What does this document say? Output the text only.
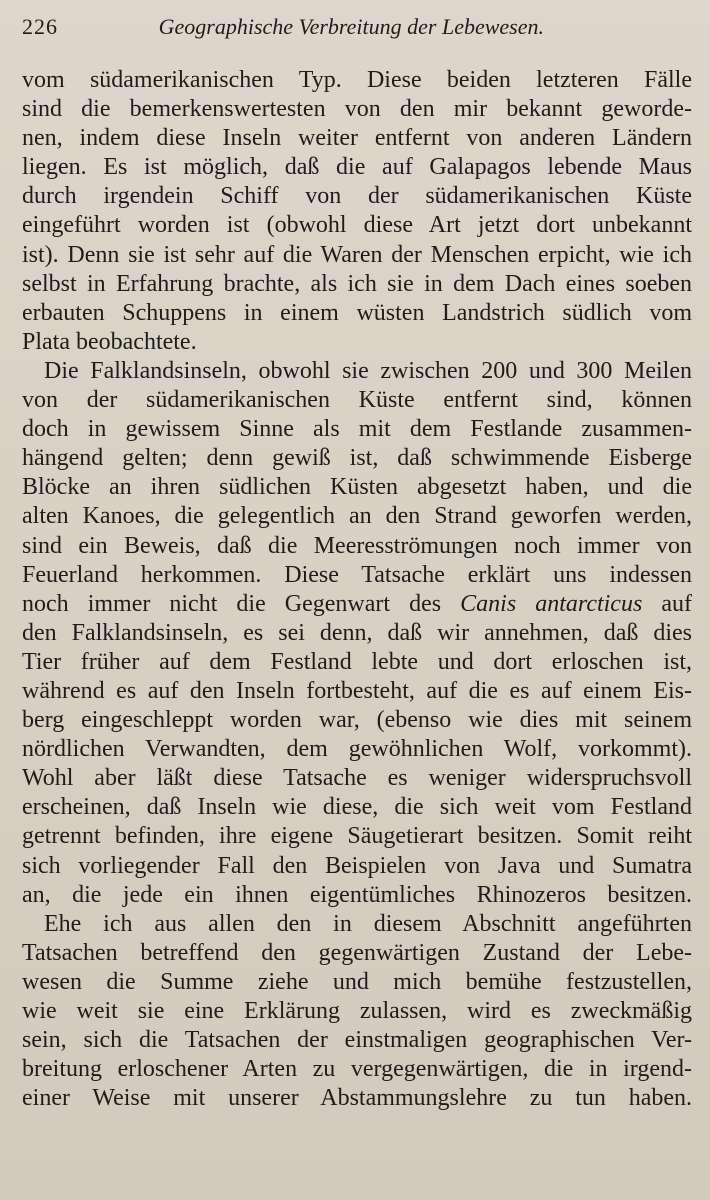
226	Geographische Verbreitung der Lebewesen.
vom südamerikanischen Typ. Diese beiden letzteren Fälle
sind die bemerkenswertesten von den mir bekannt geworde-
nen, indem diese Inseln weiter entfernt von anderen Ländern
liegen. Es ist möglich, daß die auf Galapagos lebende Maus
durch irgendein Schiff von der südamerikanischen Küste
eingeführt worden ist (obwohl diese Art jetzt dort unbekannt
ist). Denn sie ist sehr auf die Waren der Menschen erpicht, wie ich
selbst in Erfahrung brachte, als ich sie in dem Dach eines soeben
erbauten Schuppens in einem wüsten Landstrich südlich vom
Plata beobachtete.
Die Falklandsinseln, obwohl sie zwischen 200 und 300 Meilen
von der südamerikanischen Küste entfernt sind, können
doch in gewissem Sinne als mit dem Festlande zusammen-
hängend gelten; denn gewiß ist, daß schwimmende Eisberge
Blöcke an ihren südlichen Küsten abgesetzt haben, und die
alten Kanoes, die gelegentlich an den Strand geworfen werden,
sind ein Beweis, daß die Meeresströmungen noch immer von
Feuerland herkommen. Diese Tatsache erklärt uns indessen
noch immer nicht die Gegenwart des Canis antarcticus auf
den Falklandsinseln, es sei denn, daß wir annehmen, daß dies
Tier früher auf dem Festland lebte und dort erloschen ist,
während es auf den Inseln fortbesteht, auf die es auf einem Eis-
berg eingeschleppt worden war, (ebenso wie dies mit seinem
nördlichen Verwandten, dem gewöhnlichen Wolf, vorkommt).
Wohl aber läßt diese Tatsache es weniger widerspruchsvoll
erscheinen, daß Inseln wie diese, die sich weit vom Festland
getrennt befinden, ihre eigene Säugetierart besitzen. Somit reiht
sich vorliegender Fall den Beispielen von Java und Sumatra
an, die jede ein ihnen eigentümliches Rhinozeros besitzen.
Ehe ich aus allen den in diesem Abschnitt angeführten
Tatsachen betreffend den gegenwärtigen Zustand der Lebe-
wesen die Summe ziehe und mich bemühe festzustellen,
wie weit sie eine Erklärung zulassen, wird es zweckmäßig
sein, sich die Tatsachen der einstmaligen geographischen Ver-
breitung erloschener Arten zu vergegenwärtigen, die in irgend-
einer Weise mit unserer Abstammungslehre zu tun haben.
